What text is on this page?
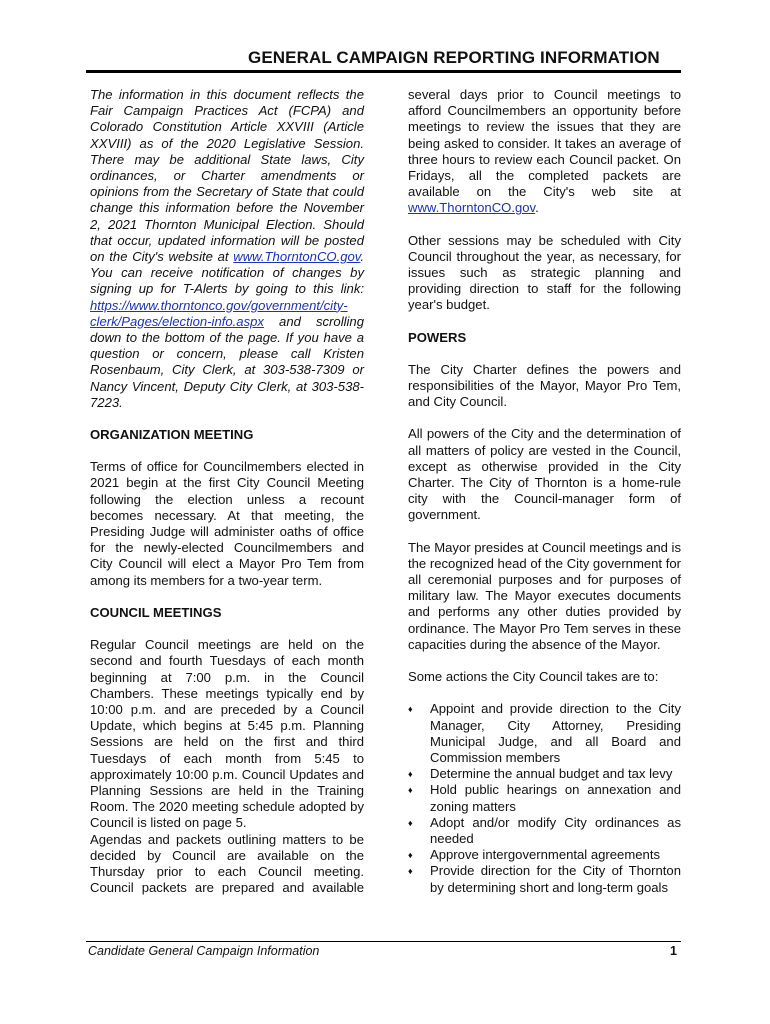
GENERAL CAMPAIGN REPORTING INFORMATION

The information in this document reflects the Fair Campaign Practices Act (FCPA) and Colorado Constitution Article XXVIII (Article XXVIII) as of the 2020 Legislative Session. There may be additional State laws, City ordinances, or Charter amendments or opinions from the Secretary of State that could change this information before the November 2, 2021 Thornton Municipal Election. Should that occur, updated information will be posted on the City's website at www.ThorntonCO.gov. You can receive notification of changes by signing up for T-Alerts by going to this link: https://www.thorntonco.gov/government/city-clerk/Pages/election-info.aspx and scrolling down to the bottom of the page. If you have a question or concern, please call Kristen Rosenbaum, City Clerk, at 303-538-7309 or Nancy Vincent, Deputy City Clerk, at 303-538-7223.

ORGANIZATION MEETING

Terms of office for Councilmembers elected in 2021 begin at the first City Council Meeting following the election unless a recount becomes necessary. At that meeting, the Presiding Judge will administer oaths of office for the newly-elected Councilmembers and City Council will elect a Mayor Pro Tem from among its members for a two-year term.

COUNCIL MEETINGS

Regular Council meetings are held on the second and fourth Tuesdays of each month beginning at 7:00 p.m. in the Council Chambers. These meetings typically end by 10:00 p.m. and are preceded by a Council Update, which begins at 5:45 p.m. Planning Sessions are held on the first and third Tuesdays of each month from 5:45 to approximately 10:00 p.m. Council Updates and Planning Sessions are held in the Training Room. The 2020 meeting schedule adopted by Council is listed on page 5.

Agendas and packets outlining matters to be decided by Council are available on the Thursday prior to each Council meeting. Council packets are prepared and available

several days prior to Council meetings to afford Councilmembers an opportunity before meetings to review the issues that they are being asked to consider. It takes an average of three hours to review each Council packet. On Fridays, all the completed packets are available on the City's web site at www.ThorntonCO.gov.

Other sessions may be scheduled with City Council throughout the year, as necessary, for issues such as strategic planning and providing direction to staff for the following year's budget.

POWERS

The City Charter defines the powers and responsibilities of the Mayor, Mayor Pro Tem, and City Council.

All powers of the City and the determination of all matters of policy are vested in the Council, except as otherwise provided in the City Charter. The City of Thornton is a home-rule city with the Council-manager form of government.

The Mayor presides at Council meetings and is the recognized head of the City government for all ceremonial purposes and for purposes of military law. The Mayor executes documents and performs any other duties provided by ordinance. The Mayor Pro Tem serves in these capacities during the absence of the Mayor.

Some actions the City Council takes are to:

♦ Appoint and provide direction to the City Manager, City Attorney, Presiding Municipal Judge, and all Board and Commission members
♦ Determine the annual budget and tax levy
♦ Hold public hearings on annexation and zoning matters
♦ Adopt and/or modify City ordinances as needed
♦ Approve intergovernmental agreements
♦ Provide direction for the City of Thornton by determining short and long-term goals
Candidate General Campaign Information	1
